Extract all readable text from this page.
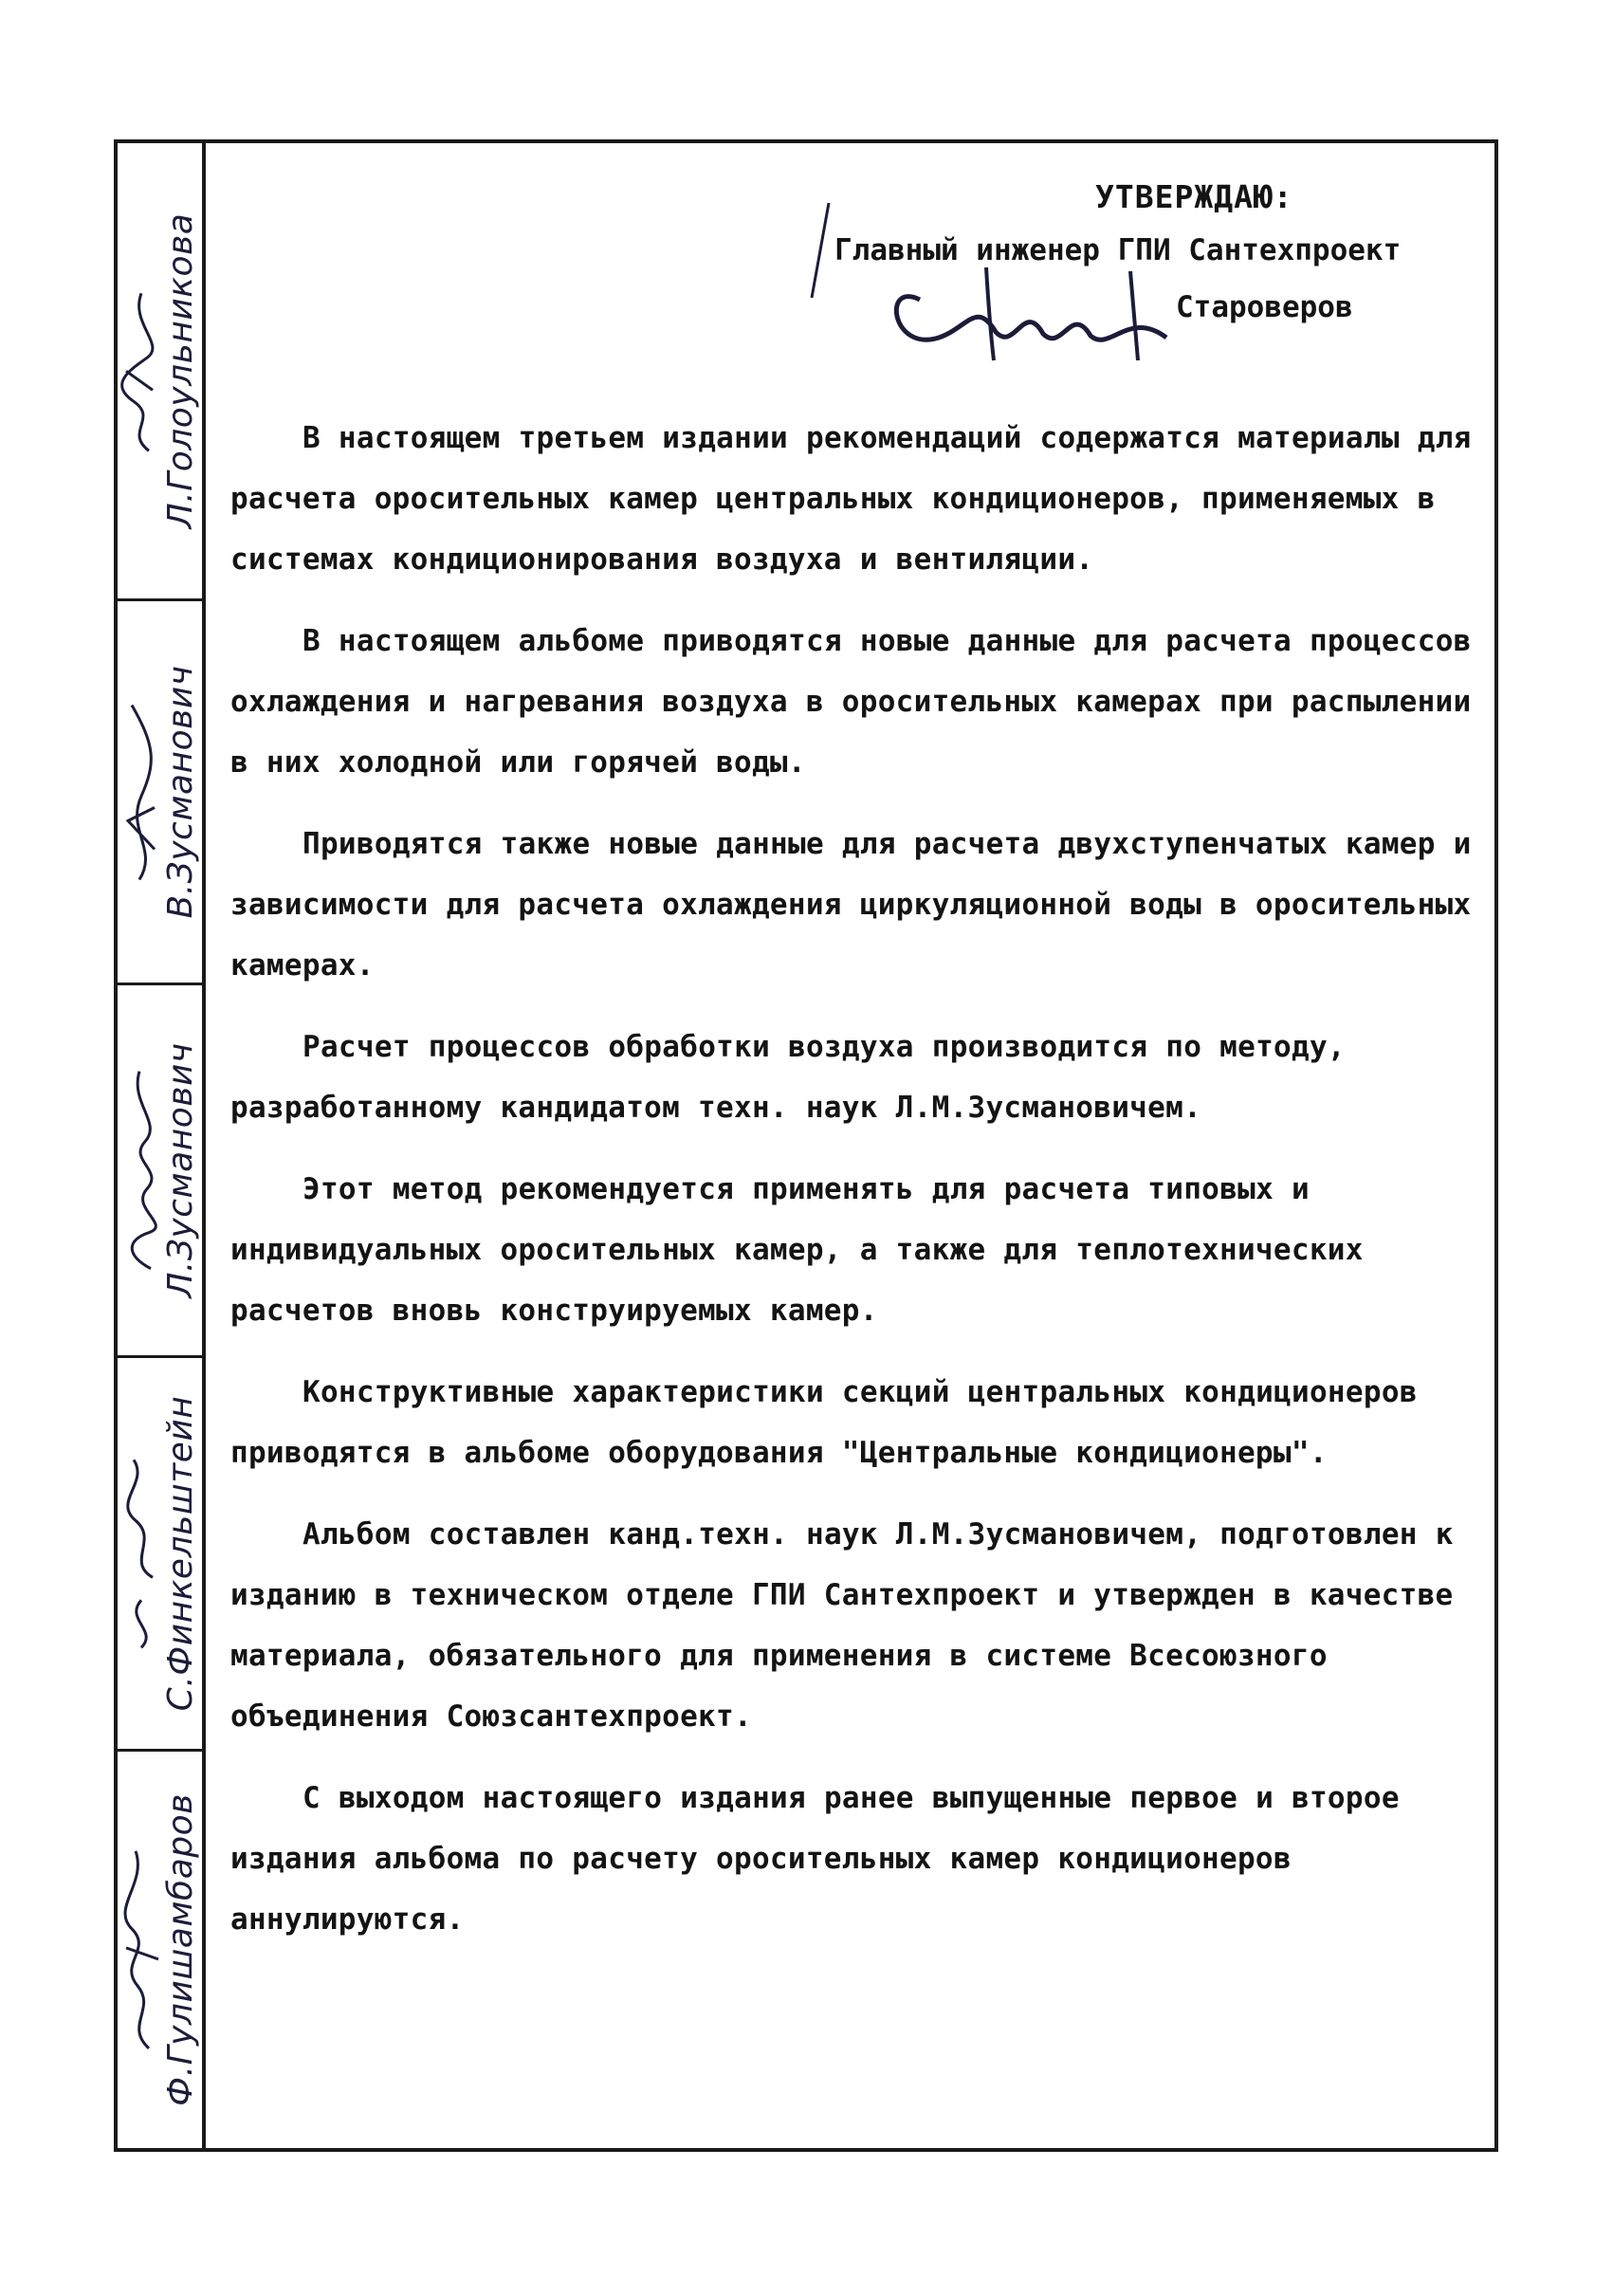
Л.Голоульникова
В.Зусманович
Л.Зусманович
С.Финкельштейн
Ф.Гулишамбаров
УТВЕРЖДАЮ:
Главный инженер ГПИ Сантехпроект
Староверов

В настоящем третьем издании рекомендаций содержатся материалы для расчета оросительных камер центральных кондиционеров, применяемых в системах кондиционирования воздуха и вентиляции.

В настоящем альбоме приводятся новые данные для расчета процессов охлаждения и нагревания воздуха в оросительных камерах при распылении в них холодной или горячей воды.

Приводятся также новые данные для расчета двухступенчатых камер и зависимости для расчета охлаждения циркуляционной воды в оросительных камерах.

Расчет процессов обработки воздуха производится по методу, разработанному кандидатом техн. наук Л.М.Зусмановичем.

Этот метод рекомендуется применять для расчета типовых и индивидуальных оросительных камер, а также для теплотехнических расчетов вновь конструируемых камер.

Конструктивные характеристики секций центральных кондиционеров приводятся в альбоме оборудования "Центральные кондиционеры".

Альбом составлен канд.техн. наук Л.М.Зусмановичем, подготовлен к изданию в техническом отделе ГПИ Сантехпроект и утвержден в качестве материала, обязательного для применения в системе Всесоюзного объединения Союзсантехпроект.

С выходом настоящего издания ранее выпущенные первое и второе издания альбома по расчету оросительных камер кондиционеров аннулируются.
